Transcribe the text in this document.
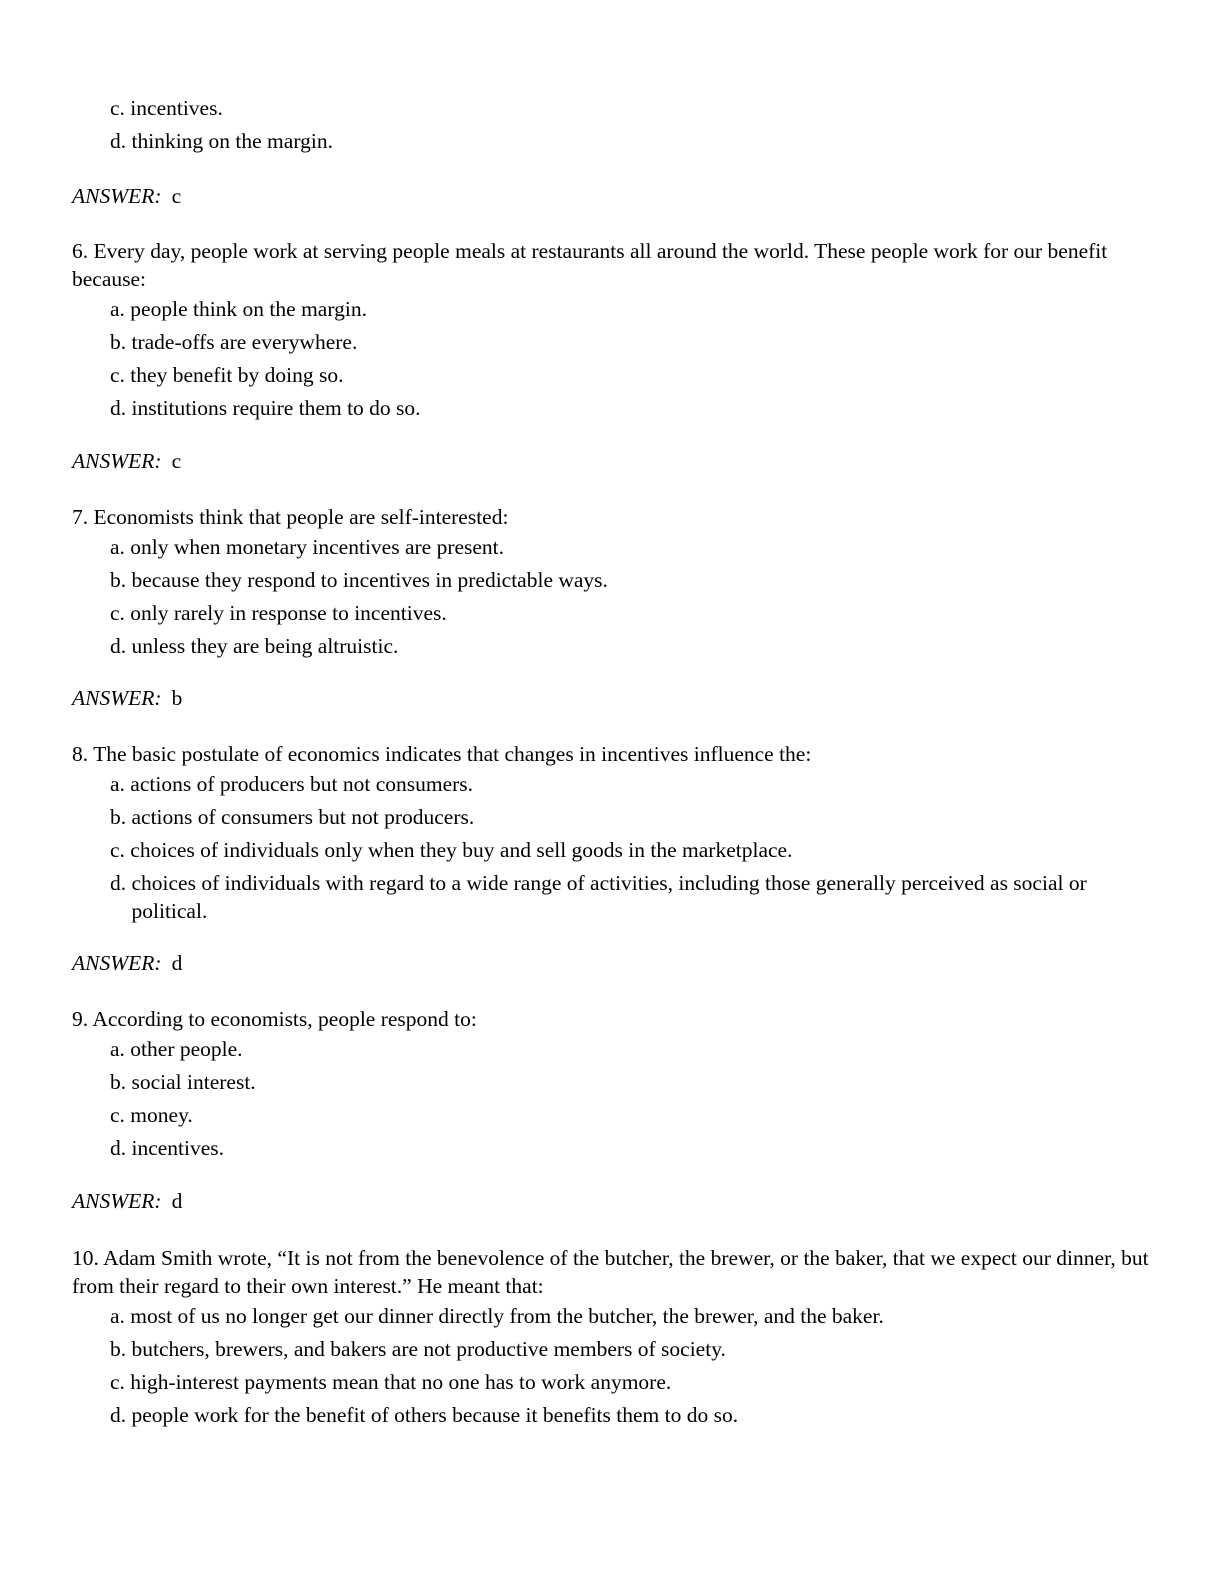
c.
incentives.
d.
thinking on the margin.
ANSWER: c

6. Every day, people work at serving people meals at restaurants all around the world. These people work for our benefit because:

a.
people think on the margin.
b.
trade-offs are everywhere.
c.
they benefit by doing so.
d.
institutions require them to do so.
ANSWER: c

7. Economists think that people are self-interested:

a.
only when monetary incentives are present.
b.
because they respond to incentives in predictable ways.
c.
only rarely in response to incentives.
d.
unless they are being altruistic.
ANSWER: b

8. The basic postulate of economics indicates that changes in incentives influence the:

a.
actions of producers but not consumers.
b.
actions of consumers but not producers.
c.
choices of individuals only when they buy and sell goods in the marketplace.
d.
choices of individuals with regard to a wide range of activities, including those generally perceived as social or political.
ANSWER: d

9. According to economists, people respond to:

a.
other people.
b.
social interest.
c.
money.
d.
incentives.
ANSWER: d

10. Adam Smith wrote, “It is not from the benevolence of the butcher, the brewer, or the baker, that we expect our dinner, but from their regard to their own interest.” He meant that:

a.
most of us no longer get our dinner directly from the butcher, the brewer, and the baker.
b.
butchers, brewers, and bakers are not productive members of society.
c.
high-interest payments mean that no one has to work anymore.
d.
people work for the benefit of others because it benefits them to do so.
